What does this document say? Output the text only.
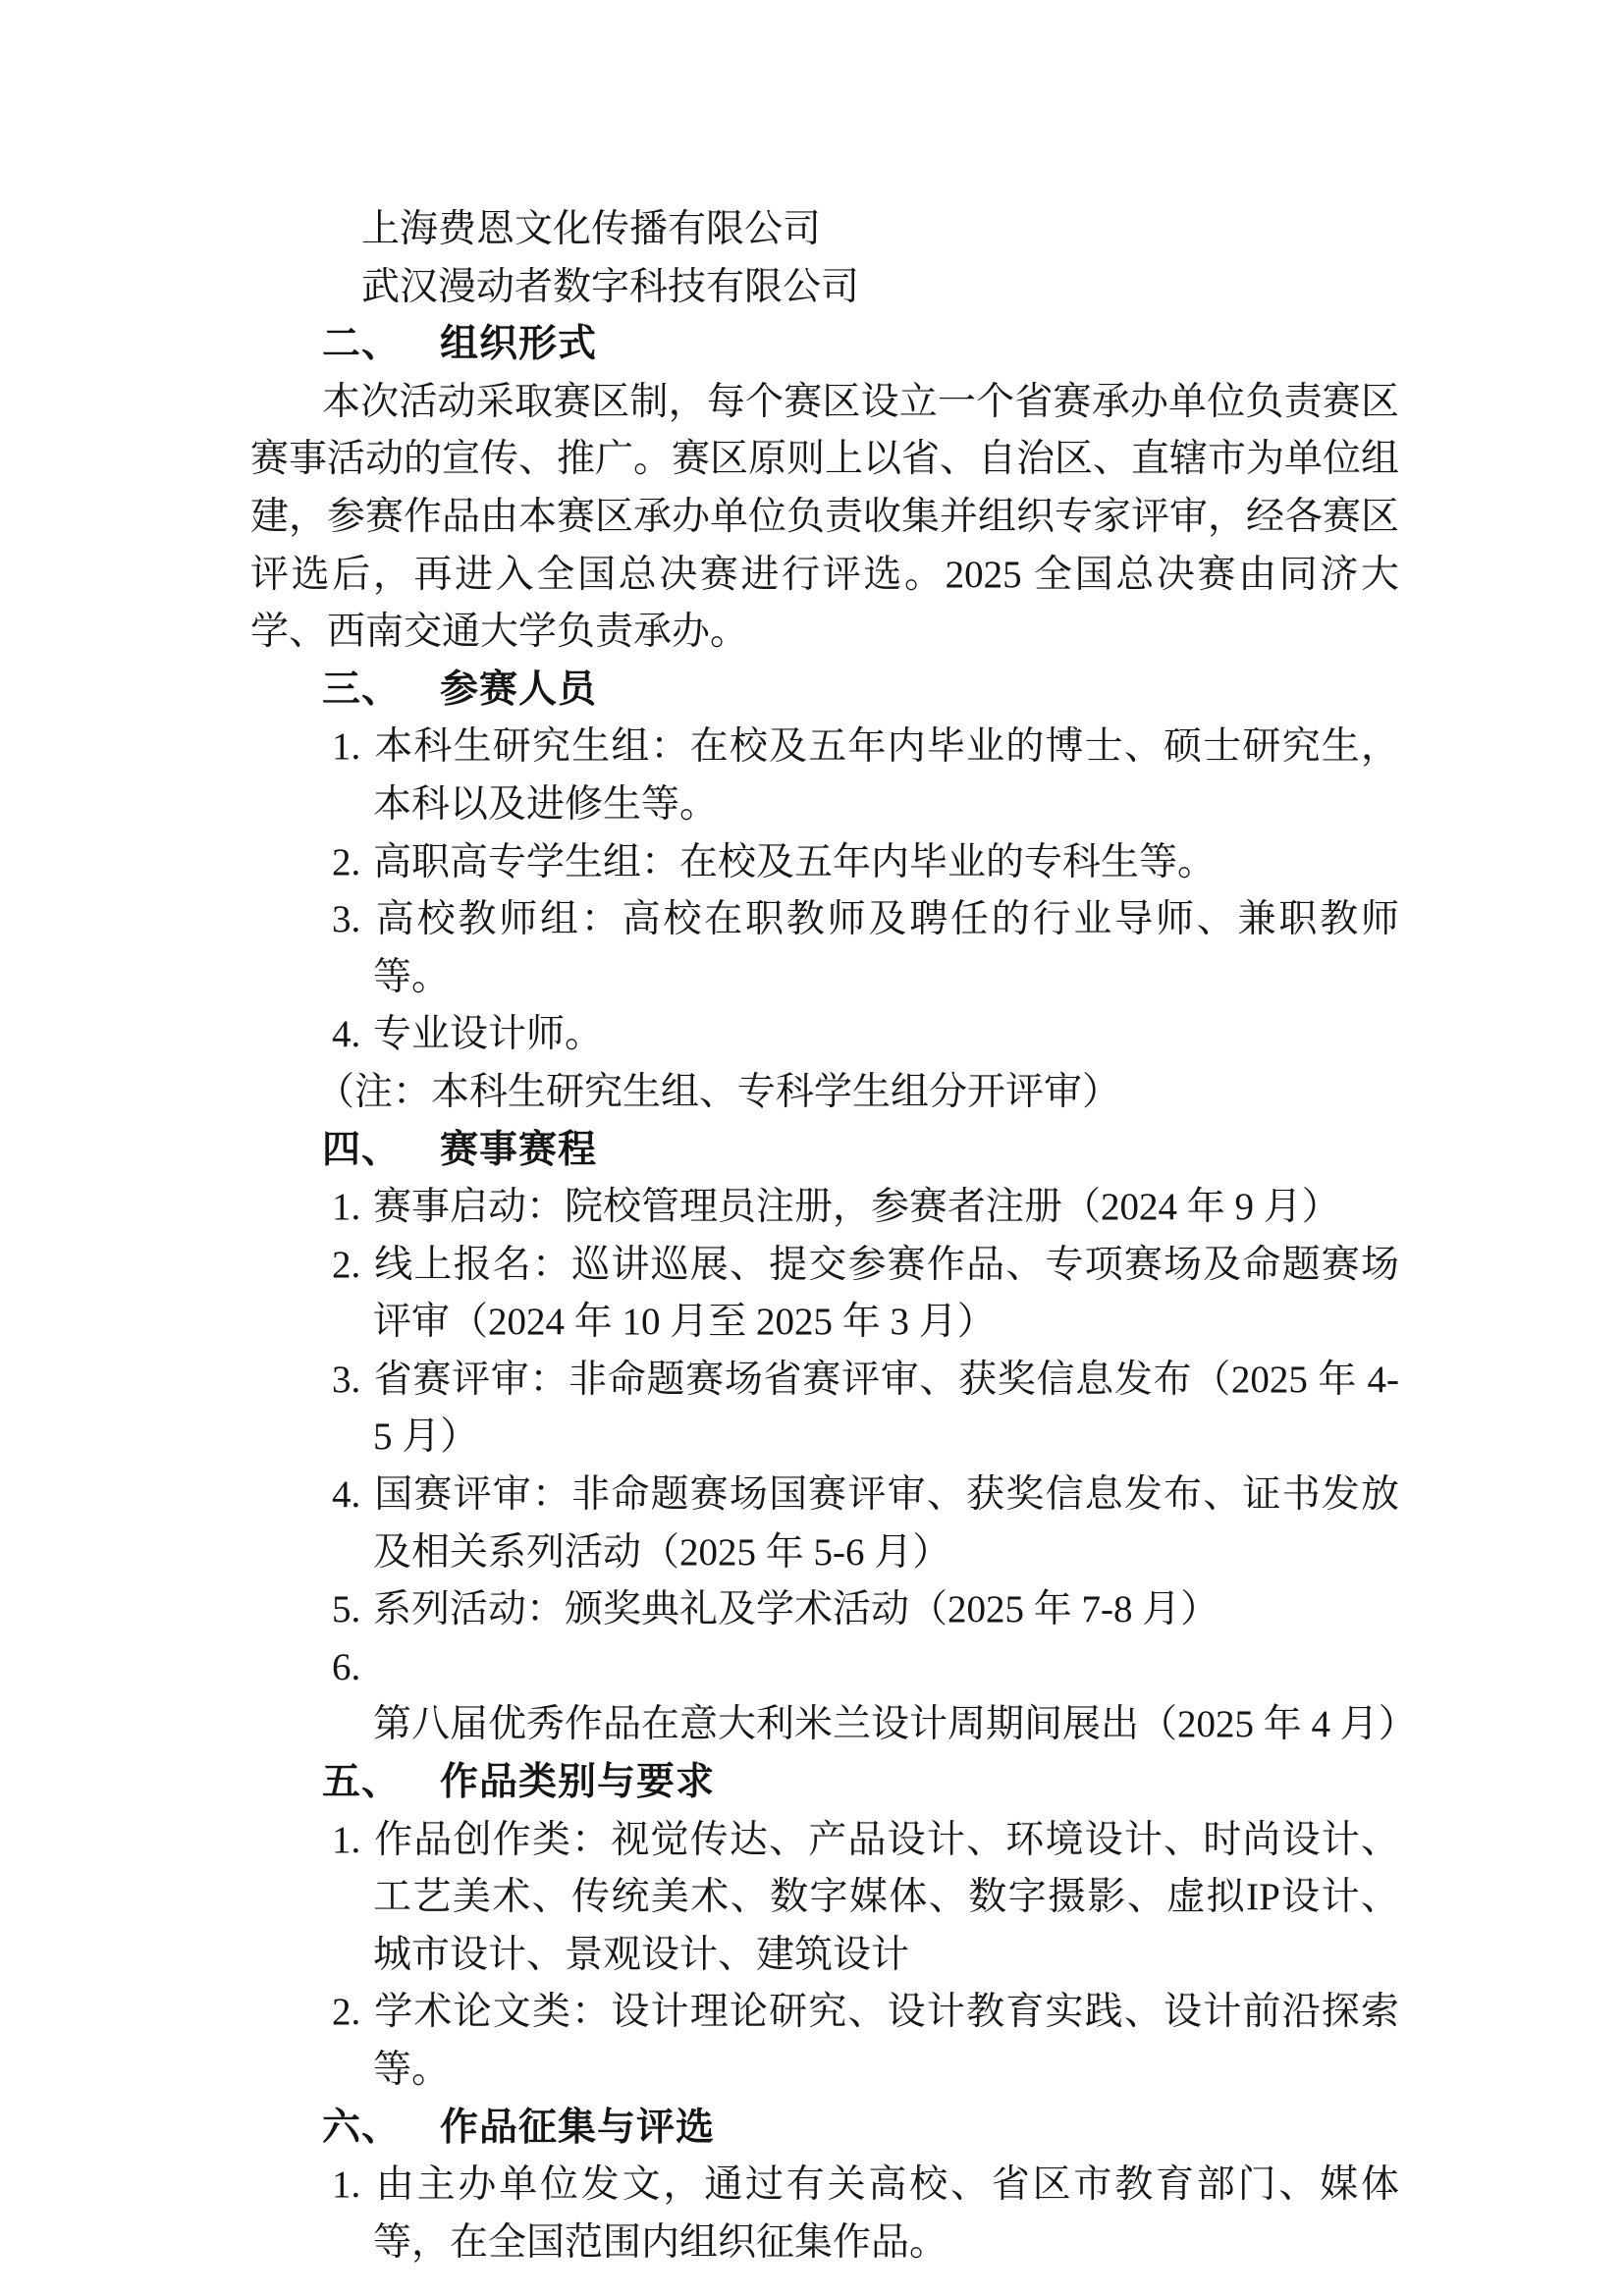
上海费恩文化传播有限公司
武汉漫动者数字科技有限公司
二、 组织形式

本次活动采取赛区制，每个赛区设立一个省赛承办单位负责赛区赛事活动的宣传、推广。赛区原则上以省、自治区、直辖市为单位组建，参赛作品由本赛区承办单位负责收集并组织专家评审，经各赛区评选后，再进入全国总决赛进行评选。2025 全国总决赛由同济大学、西南交通大学负责承办。

三、 参赛人员
1. 本科生研究生组：在校及五年内毕业的博士、硕士研究生，本科以及进修生等。
2. 高职高专学生组：在校及五年内毕业的专科生等。
3. 高校教师组：高校在职教师及聘任的行业导师、兼职教师等。
4. 专业设计师。
（注：本科生研究生组、专科学生组分开评审）
四、 赛事赛程
1. 赛事启动：院校管理员注册，参赛者注册（2024 年 9 月）
2. 线上报名：巡讲巡展、提交参赛作品、专项赛场及命题赛场评审（2024 年 10 月至 2025 年 3 月）
3. 省赛评审：非命题赛场省赛评审、获奖信息发布（2025 年 4-5 月）
4. 国赛评审：非命题赛场国赛评审、获奖信息发布、证书发放及相关系列活动（2025 年 5-6 月）
5. 系列活动：颁奖典礼及学术活动（2025 年 7-8 月）
6.第八届优秀作品在意大利米兰设计周期间展出（2025 年 4 月）
五、 作品类别与要求
1. 作品创作类：视觉传达、产品设计、环境设计、时尚设计、工艺美术、传统美术、数字媒体、数字摄影、虚拟IP设计、城市设计、景观设计、建筑设计
2. 学术论文类：设计理论研究、设计教育实践、设计前沿探索等。
六、 作品征集与评选
1. 由主办单位发文，通过有关高校、省区市教育部门、媒体等，在全国范围内组织征集作品。
